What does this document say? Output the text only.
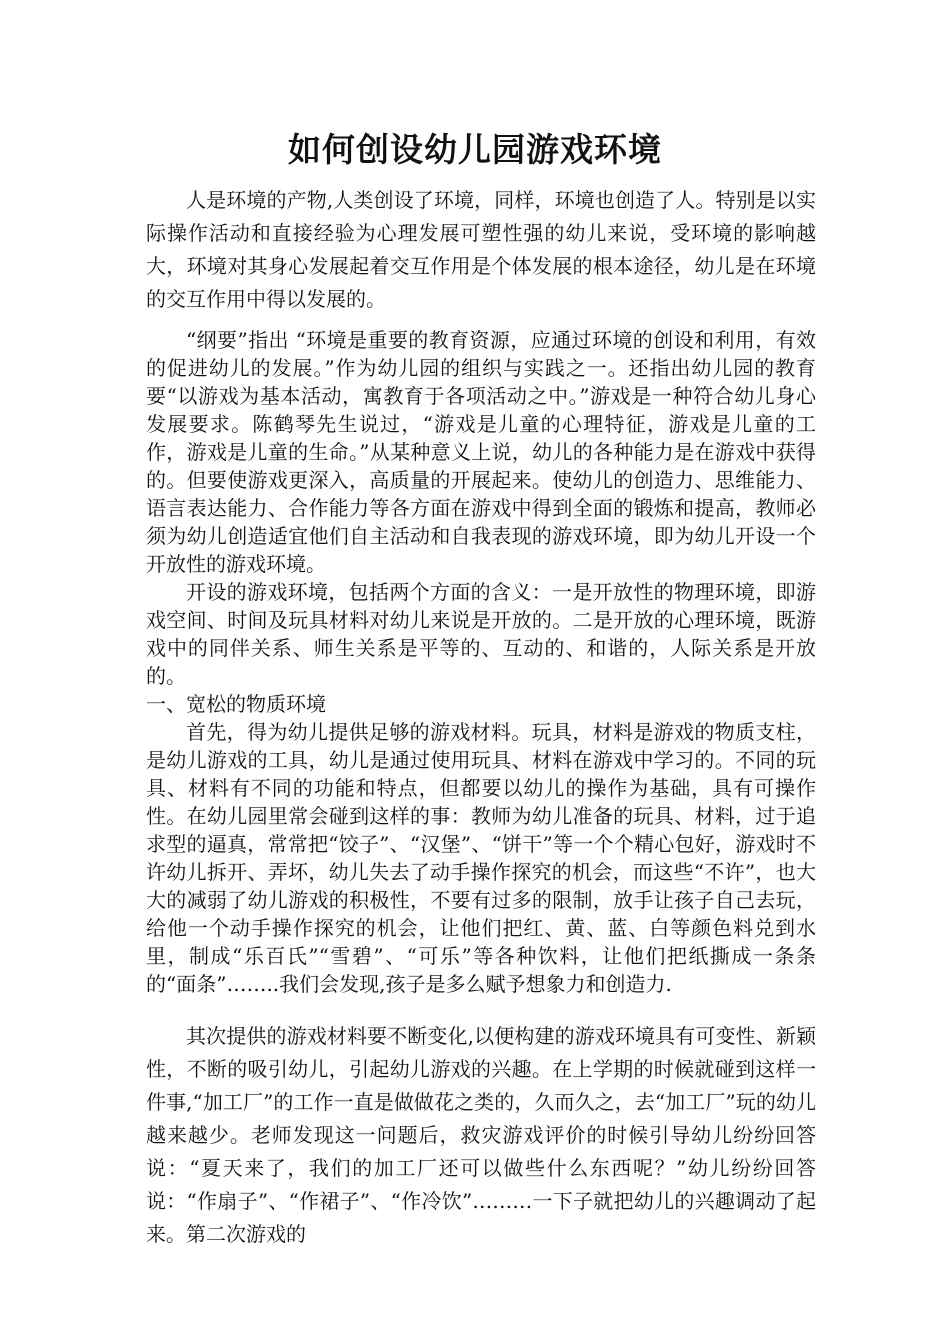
如何创设幼儿园游戏环境

人是环境的产物,人类创设了环境，同样，环境也创造了人。特别是以实际操作活动和直接经验为心理发展可塑性强的幼儿来说，受环境的影响越大，环境对其身心发展起着交互作用是个体发展的根本途径，幼儿是在环境的交互作用中得以发展的。

“纲要”指出 “环境是重要的教育资源，应通过环境的创设和利用，有效的促进幼儿的发展。”作为幼儿园的组织与实践之一。还指出幼儿园的教育要“以游戏为基本活动，寓教育于各项活动之中。”游戏是一种符合幼儿身心发展要求。陈鹤琴先生说过，“游戏是儿童的心理特征，游戏是儿童的工作，游戏是儿童的生命。”从某种意义上说，幼儿的各种能力是在游戏中获得的。但要使游戏更深入，高质量的开展起来。使幼儿的创造力、思维能力、语言表达能力、合作能力等各方面在游戏中得到全面的锻炼和提高，教师必须为幼儿创造适宜他们自主活动和自我表现的游戏环境，即为幼儿开设一个开放性的游戏环境。

开设的游戏环境，包括两个方面的含义：一是开放性的物理环境，即游戏空间、时间及玩具材料对幼儿来说是开放的。二是开放的心理环境，既游戏中的同伴关系、师生关系是平等的、互动的、和谐的，人际关系是开放的。

一、宽松的物质环境

首先，得为幼儿提供足够的游戏材料。玩具，材料是游戏的物质支柱，是幼儿游戏的工具，幼儿是通过使用玩具、材料在游戏中学习的。不同的玩具、材料有不同的功能和特点，但都要以幼儿的操作为基础，具有可操作性。在幼儿园里常会碰到这样的事：教师为幼儿准备的玩具、材料，过于追求型的逼真，常常把“饺子”、“汉堡”、“饼干”等一个个精心包好，游戏时不许幼儿拆开、弄坏，幼儿失去了动手操作探究的机会，而这些“不许”，也大大的减弱了幼儿游戏的积极性，不要有过多的限制，放手让孩子自己去玩，给他一个动手操作探究的机会，让他们把红、黄、蓝、白等颜色料兑到水里，制成“乐百氏”“雪碧”、“可乐”等各种饮料，让他们把纸撕成一条条的“面条”……..我们会发现,孩子是多么赋予想象力和创造力.

其次提供的游戏材料要不断变化,以便构建的游戏环境具有可变性、新颖性，不断的吸引幼儿，引起幼儿游戏的兴趣。在上学期的时候就碰到这样一件事,“加工厂”的工作一直是做做花之类的，久而久之，去“加工厂”玩的幼儿越来越少。老师发现这一问题后，救灾游戏评价的时候引导幼儿纷纷回答说：“夏天来了，我们的加工厂还可以做些什么东西呢？”幼儿纷纷回答说：“作扇子”、“作裙子”、“作冷饮”………一下子就把幼儿的兴趣调动了起来。第二次游戏的
